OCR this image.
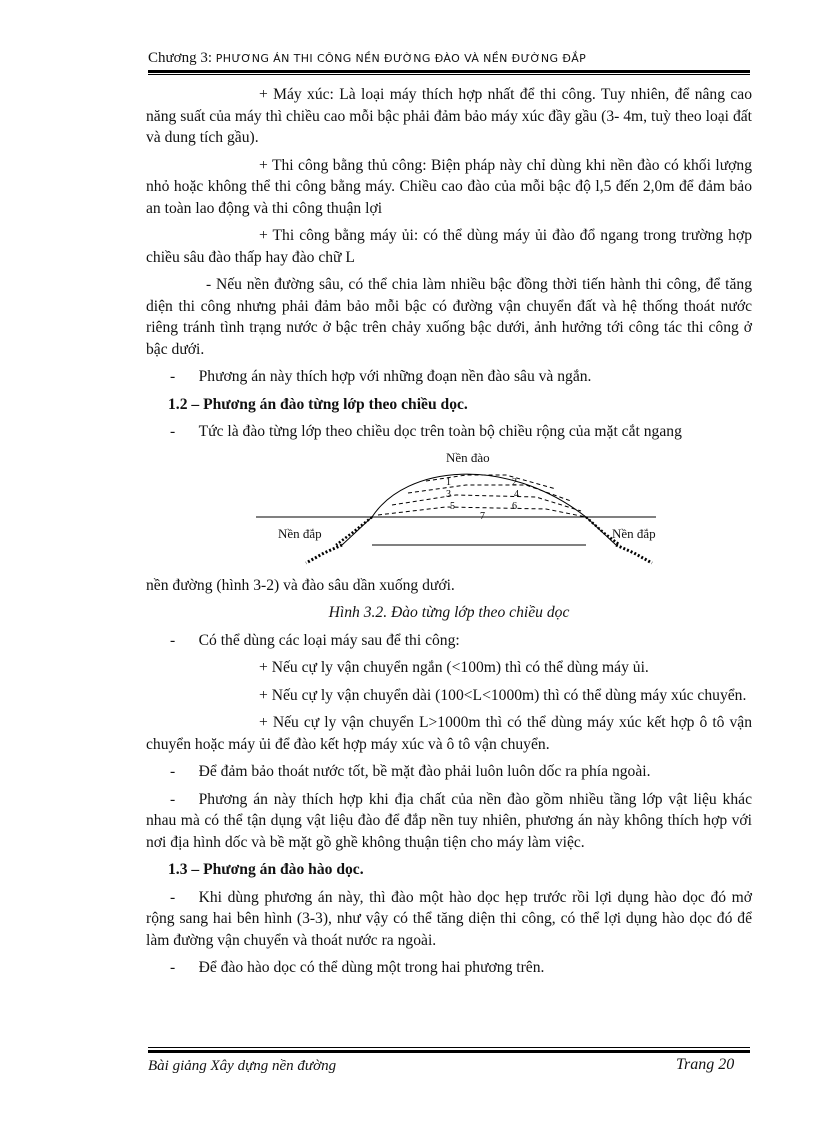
Chương 3: PHƯƠNG ÁN THI CÔNG NỀN ĐƯỜNG ĐÀO VÀ NỀN ĐƯỜNG ĐẮP

+ Máy xúc: Là loại máy thích hợp nhất để thi công. Tuy nhiên, để nâng cao năng suất của máy thì chiều cao mỗi bậc phải đảm bảo máy xúc đầy gầu (3- 4m, tuỳ theo loại đất và dung tích gầu).

+ Thi công bằng thủ công: Biện pháp này chỉ dùng khi nền đào có khối lượng nhỏ hoặc không thể thi công bằng máy. Chiều cao đào của mỗi bậc độ l,5 đến 2,0m để đảm bảo an toàn lao động và thi công thuận lợi

+ Thi công bằng máy ủi: có thể dùng máy ủi đào đổ ngang trong trường hợp chiều sâu đào thấp hay đào chữ L

- Nếu nền đường sâu, có thể chia làm nhiều bậc đồng thời tiến hành thi công, để tăng diện thi công nhưng phải đảm bảo mỗi bậc có đường vận chuyển đất và hệ thống thoát nước riêng tránh tình trạng nước ở bậc trên chảy xuống bậc dưới, ảnh hưởng tới công tác thi công ở bậc dưới.

-   Phương án này thích hợp với những đoạn nền đào sâu và ngắn.

1.2 – Phương án đào từng lớp theo chiều dọc.

-   Tức là đào từng lớp theo chiều dọc trên toàn bộ chiều rộng của mặt cắt ngang

1	2
3	4
5	6
7
Nền đào
Nền đắp	Nền đắp

nền đường (hình 3-2) và đào sâu dần xuống dưới.

Hình 3.2. Đào từng lớp theo chiều dọc

-   Có thể dùng các loại máy sau để thi công:

+ Nếu cự ly vận chuyển ngắn (<100m) thì có thể dùng máy ủi.

+ Nếu cự ly vận chuyển dài (100<L<1000m) thì có thể dùng máy xúc chuyển.

+ Nếu cự ly vận chuyển L>1000m thì có thể dùng máy xúc kết hợp ô tô vận chuyển hoặc máy ủi để đào kết hợp máy xúc và ô tô vận chuyển.

-   Để đảm bảo thoát nước tốt, bề mặt đào phải luôn luôn dốc ra phía ngoài.

-   Phương án này thích hợp khi địa chất của nền đào gồm nhiều tầng lớp vật liệu khác nhau mà có thể tận dụng vật liệu đào để đắp nền tuy nhiên, phương án này không thích hợp với nơi địa hình dốc và bề mặt gồ ghề không thuận tiện cho máy làm việc.

1.3 – Phương án đào hào dọc.

-   Khi dùng phương án này, thì đào một hào dọc hẹp trước rồi lợi dụng hào dọc đó mở rộng sang hai bên hình (3-3), như vậy có thể tăng diện thi công, có thể lợi dụng hào dọc đó để làm đường vận chuyển và thoát nước ra ngoài.

-   Để đào hào dọc có thể dùng một trong hai phương trên.

Bài giảng Xây dựng nền đường	Trang 20
